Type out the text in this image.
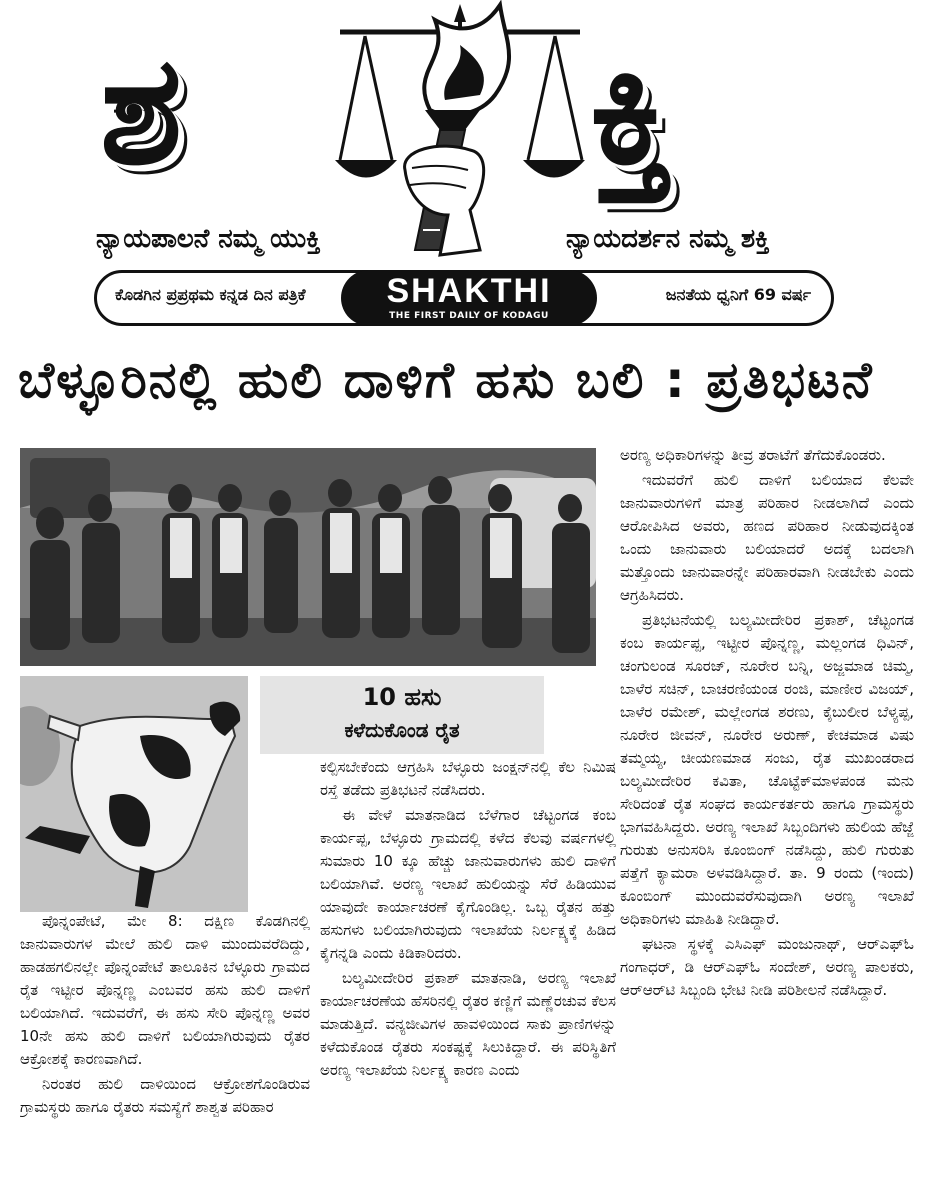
ಶ	ಕ್ತಿ
ನ್ಯಾಯಪಾಲನೆ ನಮ್ಮ ಯುಕ್ತಿ	ನ್ಯಾಯದರ್ಶನ ನಮ್ಮ ಶಕ್ತಿ
ಕೊಡಗಿನ ಪ್ರಪ್ರಥಮ ಕನ್ನಡ ದಿನ ಪತ್ರಿಕೆ	SHAKTHI
THE FIRST DAILY OF KODAGU
ಜನತೆಯ ಧ್ವನಿಗೆ 69 ವರ್ಷ
ಬೆಳ್ಳೂರಿನಲ್ಲಿ ಹುಲಿ ದಾಳಿಗೆ ಹಸು ಬಲಿ : ಪ್ರತಿಭಟನೆ
10 ಹಸು
ಕಳೆದುಕೊಂಡ ರೈತ

ಪೊನ್ನಂಪೇಟೆ, ಮೇ 8: ದಕ್ಷಿಣ ಕೊಡಗಿನಲ್ಲಿ ಜಾನುವಾರುಗಳ ಮೇಲೆ ಹುಲಿ ದಾಳಿ ಮುಂದುವರೆದಿದ್ದು, ಹಾಡಹಗಲಿನಲ್ಲೇ ಪೊನ್ನಂಪೇಟೆ ತಾಲೂಕಿನ ಬೆಳ್ಳೂರು ಗ್ರಾಮದ ರೈತ ಇಟ್ಟೀರ ಪೊನ್ನಣ್ಣ ಎಂಬವರ ಹಸು ಹುಲಿ ದಾಳಿಗೆ ಬಲಿಯಾಗಿದೆ. ಇದುವರೆಗೆ, ಈ ಹಸು ಸೇರಿ ಪೊನ್ನಣ್ಣ ಅವರ 10ನೇ ಹಸು ಹುಲಿ ದಾಳಿಗೆ ಬಲಿಯಾಗಿರುವುದು ರೈತರ ಆಕ್ರೋಶಕ್ಕೆ ಕಾರಣವಾಗಿದೆ.

ನಿರಂತರ ಹುಲಿ ದಾಳಿಯಿಂದ ಆಕ್ರೋಶಗೊಂಡಿರುವ ಗ್ರಾಮಸ್ಥರು ಹಾಗೂ ರೈತರು ಸಮಸ್ಯೆಗೆ ಶಾಶ್ವತ ಪರಿಹಾರ

ಕಲ್ಪಿಸಬೇಕೆಂದು ಆಗ್ರಹಿಸಿ ಬೆಳ್ಳೂರು ಜಂಕ್ಷನ್‌ನಲ್ಲಿ ಕೆಲ ನಿಮಿಷ ರಸ್ತೆ ತಡೆದು ಪ್ರತಿಭಟನೆ ನಡೆಸಿದರು.

ಈ ವೇಳೆ ಮಾತನಾಡಿದ ಬೆಳೆಗಾರ ಚೆಟ್ಟಂಗಡ ಕಂಬ ಕಾರ್ಯಪ್ಪ, ಬೆಳ್ಳೂರು ಗ್ರಾಮದಲ್ಲಿ ಕಳೆದ ಕೆಲವು ವರ್ಷಗಳಲ್ಲಿ ಸುಮಾರು 10 ಕ್ಕೂ ಹೆಚ್ಚು ಜಾನುವಾರುಗಳು ಹುಲಿ ದಾಳಿಗೆ ಬಲಿಯಾಗಿವೆ. ಅರಣ್ಯ ಇಲಾಖೆ ಹುಲಿಯನ್ನು ಸೆರೆ ಹಿಡಿಯುವ ಯಾವುದೇ ಕಾರ್ಯಾಚರಣೆ ಕೈಗೊಂಡಿಲ್ಲ. ಒಬ್ಬ ರೈತನ ಹತ್ತು ಹಸುಗಳು ಬಲಿಯಾಗಿರುವುದು ಇಲಾಖೆಯ ನಿರ್ಲಕ್ಷ್ಯಕ್ಕೆ ಹಿಡಿದ ಕೈಗನ್ನಡಿ ಎಂದು ಕಿಡಿಕಾರಿದರು.

ಬಲ್ಯಮೀದೇರಿರ ಪ್ರಕಾಶ್ ಮಾತನಾಡಿ, ಅರಣ್ಯ ಇಲಾಖೆ ಕಾರ್ಯಾಚರಣೆಯ ಹೆಸರಿನಲ್ಲಿ ರೈತರ ಕಣ್ಣಿಗೆ ಮಣ್ಣೆರಚುವ ಕೆಲಸ ಮಾಡುತ್ತಿದೆ. ವನ್ಯಜೀವಿಗಳ ಹಾವಳಿಯಿಂದ ಸಾಕು ಪ್ರಾಣಿಗಳನ್ನು ಕಳೆದುಕೊಂಡ ರೈತರು ಸಂಕಷ್ಟಕ್ಕೆ ಸಿಲುಕಿದ್ದಾರೆ. ಈ ಪರಿಸ್ಥಿತಿಗೆ ಅರಣ್ಯ ಇಲಾಖೆಯ ನಿರ್ಲಕ್ಷ್ಯ ಕಾರಣ ಎಂದು

ಅರಣ್ಯ ಅಧಿಕಾರಿಗಳನ್ನು ತೀವ್ರ ತರಾಟೆಗೆ ತೆಗೆದುಕೊಂಡರು.

ಇದುವರೆಗೆ ಹುಲಿ ದಾಳಿಗೆ ಬಲಿಯಾದ ಕೆಲವೇ ಜಾನುವಾರುಗಳಿಗೆ ಮಾತ್ರ ಪರಿಹಾರ ನೀಡಲಾಗಿದೆ ಎಂದು ಆರೋಪಿಸಿದ ಅವರು, ಹಣದ ಪರಿಹಾರ ನೀಡುವುದಕ್ಕಿಂತ ಒಂದು ಜಾನುವಾರು ಬಲಿಯಾದರೆ ಅದಕ್ಕೆ ಬದಲಾಗಿ ಮತ್ತೊಂದು ಜಾನುವಾರನ್ನೇ ಪರಿಹಾರವಾಗಿ ನೀಡಬೇಕು ಎಂದು ಆಗ್ರಹಿಸಿದರು.

ಪ್ರತಿಭಟನೆಯಲ್ಲಿ ಬಲ್ಯಮೀದೇರಿರ ಪ್ರಕಾಶ್, ಚೆಟ್ಟಂಗಡ ಕಂಬ ಕಾರ್ಯಪ್ಪ, ಇಟ್ಟೀರ ಪೊನ್ನಣ್ಣ, ಮಲ್ಲಂಗಡ ಧಿವಿನ್, ಚಂಗುಲಂಡ ಸೂರಜ್, ನೂರೇರ ಬನ್ನಿ, ಅಜ್ಜಮಾಡ ಚಿಮ್ಮ, ಬಾಳೆರ ಸಚಿನ್, ಬಾಚರಣಿಯಂಡ ರಂಜಿ, ಮಾಣೀರ ವಿಜಯ್, ಬಾಳೆರ ರಮೇಶ್, ಮಲ್ಲೇಂಗಡ ಶರಣು, ಕೈಬುಲೀರ ಬೆಳ್ಯಪ್ಪ, ನೂರೇರ ಜೀವನ್, ನೂರೇರ ಅರುಣ್, ಕೇಚಮಾಡ ವಿಷು ತಮ್ಮಯ್ಯ, ಚೀಯಣಮಾಡ ಸಂಜು, ರೈತ ಮುಖಂಡರಾದ ಬಲ್ಯಮೀದೇರಿರ ಕವಿತಾ, ಚೊಟ್ಟೆಕ್‌ಮಾಳಪಂಡ ಮನು ಸೇರಿದಂತೆ ರೈತ ಸಂಘದ ಕಾರ್ಯಕರ್ತರು ಹಾಗೂ ಗ್ರಾಮಸ್ಥರು ಭಾಗವಹಿಸಿದ್ದರು. ಅರಣ್ಯ ಇಲಾಖೆ ಸಿಬ್ಬಂದಿಗಳು ಹುಲಿಯ ಹೆಜ್ಜೆ ಗುರುತು ಅನುಸರಿಸಿ ಕೂಂಬಿಂಗ್ ನಡೆಸಿದ್ದು, ಹುಲಿ ಗುರುತು ಪತ್ತೆಗೆ ಕ್ಯಾಮರಾ ಅಳವಡಿಸಿದ್ದಾರೆ. ತಾ. 9 ರಂದು (ಇಂದು) ಕೂಂಬಿಂಗ್ ಮುಂದುವರೆಸುವುದಾಗಿ ಅರಣ್ಯ ಇಲಾಖೆ ಅಧಿಕಾರಿಗಳು ಮಾಹಿತಿ ನೀಡಿದ್ದಾರೆ.

ಘಟನಾ ಸ್ಥಳಕ್ಕೆ ಎಸಿಎಫ್ ಮಂಜುನಾಥ್, ಆರ್‌ಎಫ್‌ಓ ಗಂಗಾಧರ್, ಡಿ ಆರ್‌ಎಫ್‌ಓ ಸಂದೇಶ್, ಅರಣ್ಯ ಪಾಲಕರು, ಆರ್‌ಆರ್‌ಟಿ ಸಿಬ್ಬಂದಿ ಭೇಟಿ ನೀಡಿ ಪರಿಶೀಲನೆ ನಡೆಸಿದ್ದಾರೆ.
